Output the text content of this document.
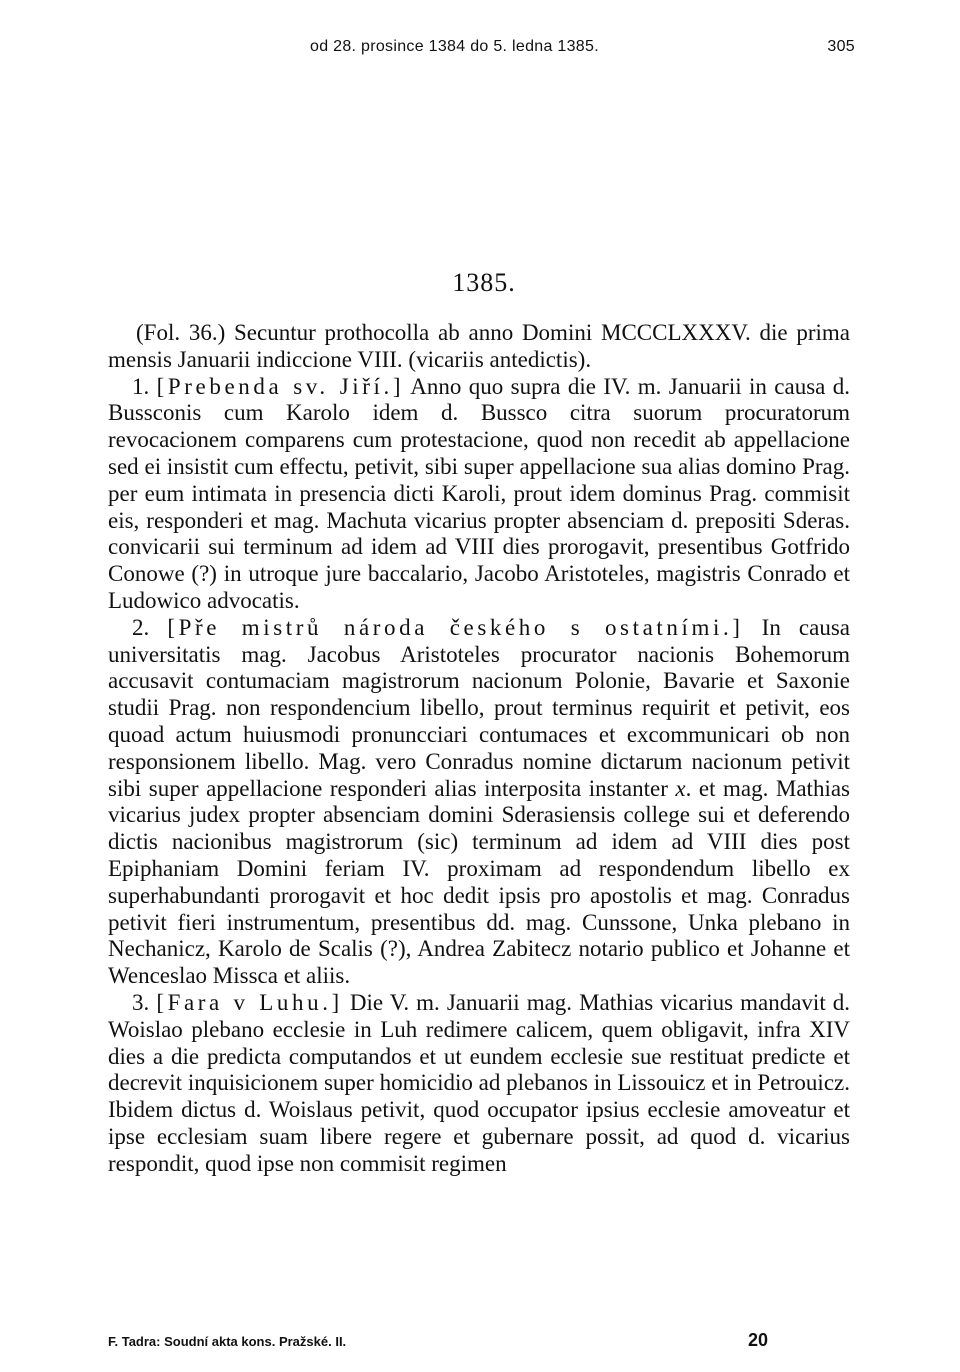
od 28. prosince 1384 do 5. ledna 1385.	305
1385.

(Fol. 36.) Secuntur prothocolla ab anno Domini MCCCLXXXV. die prima mensis Januarii indiccione VIII. (vicariis antedictis).

1. [Prebenda sv. Jiří.] Anno quo supra die IV. m. Januarii in causa d. Bussconis cum Karolo idem d. Bussco citra suorum procuratorum revocacionem comparens cum protestacione, quod non recedit ab appellacione sed ei insistit cum effectu, petivit, sibi super appellacione sua alias domino Prag. per eum intimata in presencia dicti Karoli, prout idem dominus Prag. commisit eis, responderi et mag. Machuta vicarius propter absenciam d. prepositi Sderas. convicarii sui terminum ad idem ad VIII dies prorogavit, presentibus Gotfrido Conowe (?) in utroque jure baccalario, Jacobo Aristoteles, magistris Conrado et Ludowico advocatis.

2. [Pře mistrů národa českého s ostatními.] In causa universitatis mag. Jacobus Aristoteles procurator nacionis Bohemorum accusavit contumaciam magistrorum nacionum Polonie, Bavarie et Saxonie studii Prag. non respondencium libello, prout terminus requirit et petivit, eos quoad actum huiusmodi pronuncciari contumaces et excommunicari ob non responsionem libello. Mag. vero Conradus nomine dictarum nacionum petivit sibi super appellacione responderi alias interposita instanter x. et mag. Mathias vicarius judex propter absenciam domini Sderasiensis college sui et deferendo dictis nacionibus magistrorum (sic) terminum ad idem ad VIII dies post Epiphaniam Domini feriam IV. proximam ad respondendum libello ex superhabundanti prorogavit et hoc dedit ipsis pro apostolis et mag. Conradus petivit fieri instrumentum, presentibus dd. mag. Cunssone, Unka plebano in Nechanicz, Karolo de Scalis (?), Andrea Zabitecz notario publico et Johanne et Wenceslao Missca et aliis.

3. [Fara v Luhu.] Die V. m. Januarii mag. Mathias vicarius mandavit d. Woislao plebano ecclesie in Luh redimere calicem, quem obligavit, infra XIV dies a die predicta computandos et ut eundem ecclesie sue restituat predicte et decrevit inquisicionem super homicidio ad plebanos in Lissouicz et in Petrouicz. Ibidem dictus d. Woislaus petivit, quod occupator ipsius ecclesie amoveatur et ipse ecclesiam suam libere regere et gubernare possit, ad quod d. vicarius respondit, quod ipse non commisit regimen

F. Tadra: Soudní akta kons. Pražské. II.	20
